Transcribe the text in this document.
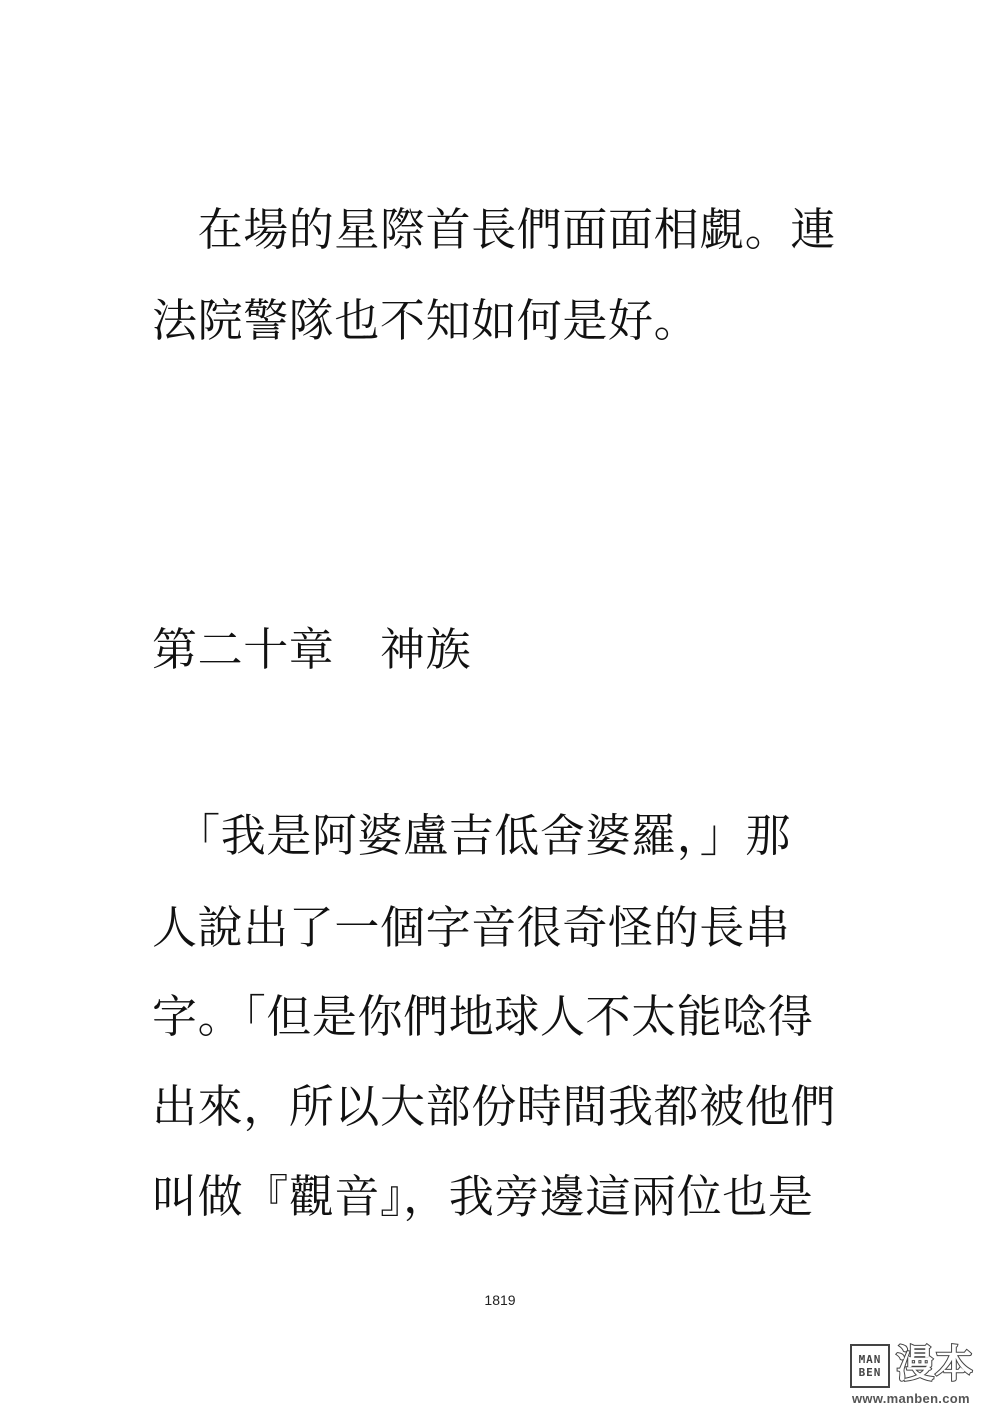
　在場的星際首長們面面相覷。連
法院警隊也不知如何是好。
第二十章　神族
　「我是阿婆盧吉低舍婆羅，」那
人說出了一個字音很奇怪的長串
字。「但是你們地球人不太能唸得
出來，所以大部份時間我都被他們
叫做『觀音』，我旁邊這兩位也是
1819
MAN
BEN 漫本
www.manben.com
